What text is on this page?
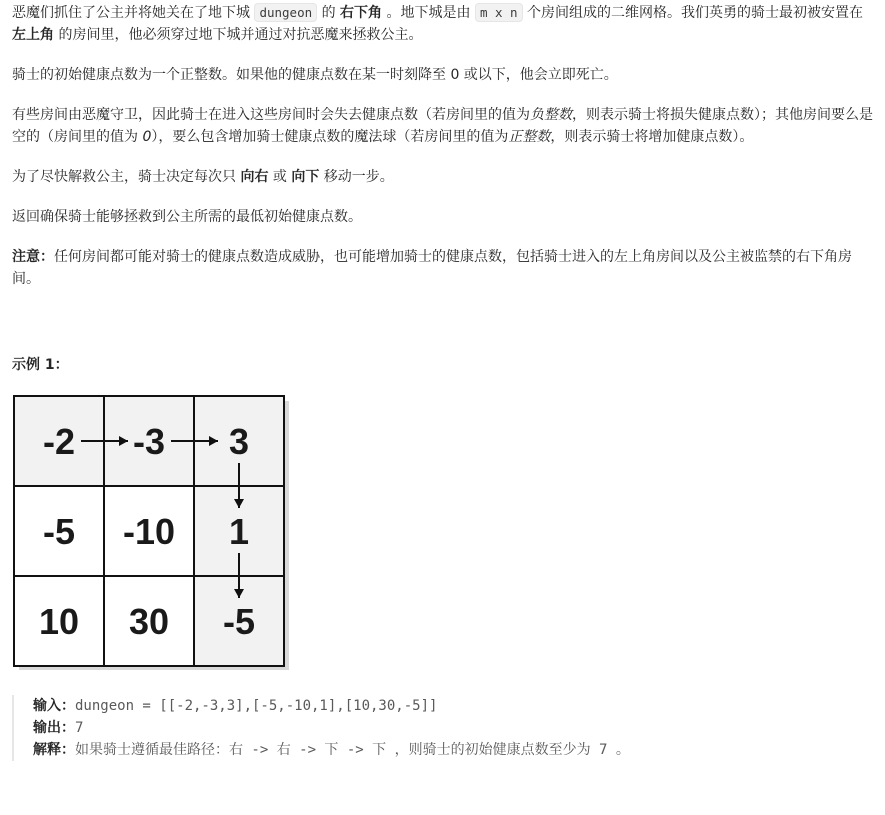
恶魔们抓住了公主并将她关在了地下城 dungeon 的 右下角 。地下城是由 m x n 个房间组成的二维网格。我们英勇的骑士最初被安置在 左上角 的房间里，他必须穿过地下城并通过对抗恶魔来拯救公主。

骑士的初始健康点数为一个正整数。如果他的健康点数在某一时刻降至 0 或以下，他会立即死亡。

有些房间由恶魔守卫，因此骑士在进入这些房间时会失去健康点数（若房间里的值为负整数，则表示骑士将损失健康点数）；其他房间要么是空的（房间里的值为 0），要么包含增加骑士健康点数的魔法球（若房间里的值为正整数，则表示骑士将增加健康点数）。

为了尽快解救公主，骑士决定每次只 向右 或 向下 移动一步。

返回确保骑士能够拯救到公主所需的最低初始健康点数。

注意：任何房间都可能对骑士的健康点数造成威胁，也可能增加骑士的健康点数，包括骑士进入的左上角房间以及公主被监禁的右下角房间。

示例 1：
-2 -3 3
-5 -10 1
10 30 -5
输入：dungeon = [[-2,-3,3],[-5,-10,1],[10,30,-5]]
输出：7
解释：如果骑士遵循最佳路径：右 -> 右 -> 下 -> 下 ，则骑士的初始健康点数至少为 7 。
